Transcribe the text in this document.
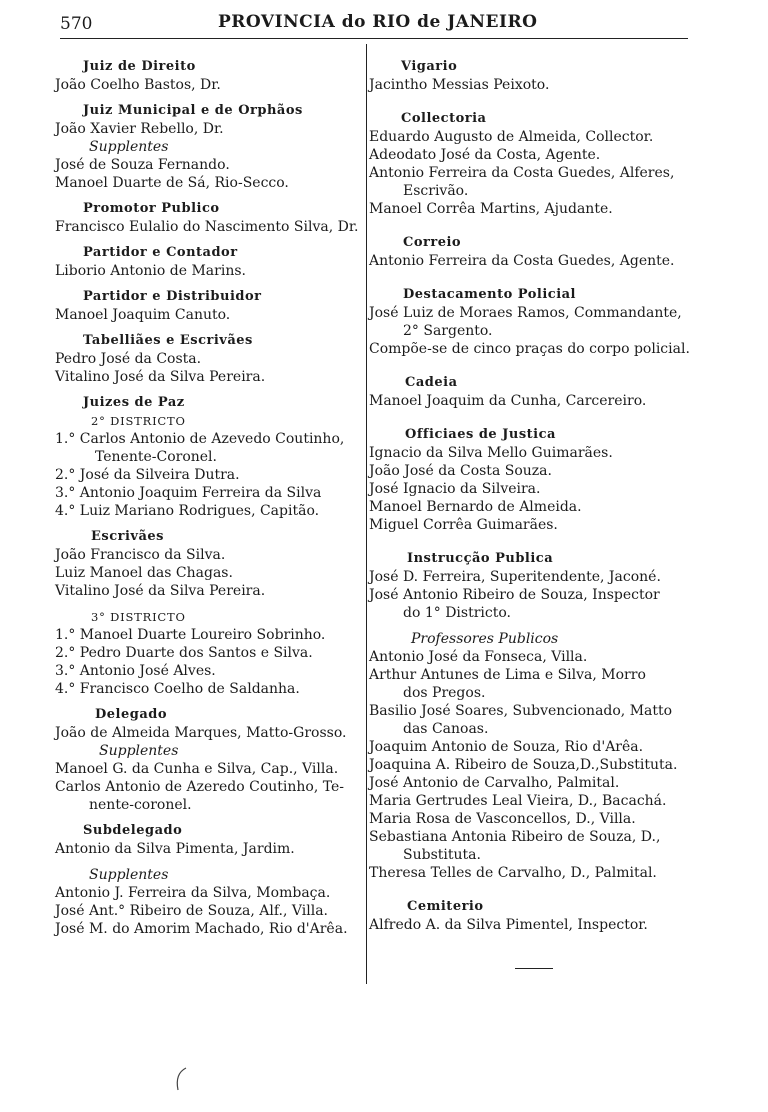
570	PROVINCIA do RIO de JANEIRO
Juiz de Direito
João Coelho Bastos, Dr.
Juiz Municipal e de Orphãos
João Xavier Rebello, Dr.
Supplentes
José de Souza Fernando.
Manoel Duarte de Sá, Rio-Secco.
Promotor Publico
Francisco Eulalio do Nascimento Silva, Dr.
Partidor e Contador
Liborio Antonio de Marins.
Partidor e Distribuidor
Manoel Joaquim Canuto.
Tabelliães e Escrivães
Pedro José da Costa.
Vitalino José da Silva Pereira.
Juizes de Paz
2° DISTRICTO
1.° Carlos Antonio de Azevedo Coutinho,
Tenente-Coronel.
2.° José da Silveira Dutra.
3.° Antonio Joaquim Ferreira da Silva
4.° Luiz Mariano Rodrigues, Capitão.
Escrivães
João Francisco da Silva.
Luiz Manoel das Chagas.
Vitalino José da Silva Pereira.
3° DISTRICTO
1.° Manoel Duarte Loureiro Sobrinho.
2.° Pedro Duarte dos Santos e Silva.
3.° Antonio José Alves.
4.° Francisco Coelho de Saldanha.
Delegado
João de Almeida Marques, Matto-Grosso.
Supplentes
Manoel G. da Cunha e Silva, Cap., Villa.
Carlos Antonio de Azeredo Coutinho, Te-
nente-coronel.
Subdelegado
Antonio da Silva Pimenta, Jardim.
Supplentes
Antonio J. Ferreira da Silva, Mombaça.
José Ant.° Ribeiro de Souza, Alf., Villa.
José M. do Amorim Machado, Rio d'Arêa.
Vigario
Jacintho Messias Peixoto.
Collectoria
Eduardo Augusto de Almeida, Collector.
Adeodato José da Costa, Agente.
Antonio Ferreira da Costa Guedes, Alferes,
Escrivão.
Manoel Corrêa Martins, Ajudante.
Correio
Antonio Ferreira da Costa Guedes, Agente.
Destacamento Policial
José Luiz de Moraes Ramos, Commandante,
2° Sargento.
Compõe-se de cinco praças do corpo policial.
Cadeia
Manoel Joaquim da Cunha, Carcereiro.
Officiaes de Justica
Ignacio da Silva Mello Guimarães.
João José da Costa Souza.
José Ignacio da Silveira.
Manoel Bernardo de Almeida.
Miguel Corrêa Guimarães.
Instrucção Publica
José D. Ferreira, Superitendente, Jaconé.
José Antonio Ribeiro de Souza, Inspector
do 1° Districto.
Professores Publicos
Antonio José da Fonseca, Villa.
Arthur Antunes de Lima e Silva, Morro
dos Pregos.
Basilio José Soares, Subvencionado, Matto
das Canoas.
Joaquim Antonio de Souza, Rio d'Arêa.
Joaquina A. Ribeiro de Souza,D.,Substituta.
José Antonio de Carvalho, Palmital.
Maria Gertrudes Leal Vieira, D., Bacachá.
Maria Rosa de Vasconcellos, D., Villa.
Sebastiana Antonia Ribeiro de Souza, D.,
Substituta.
Theresa Telles de Carvalho, D., Palmital.
Cemiterio
Alfredo A. da Silva Pimentel, Inspector.
